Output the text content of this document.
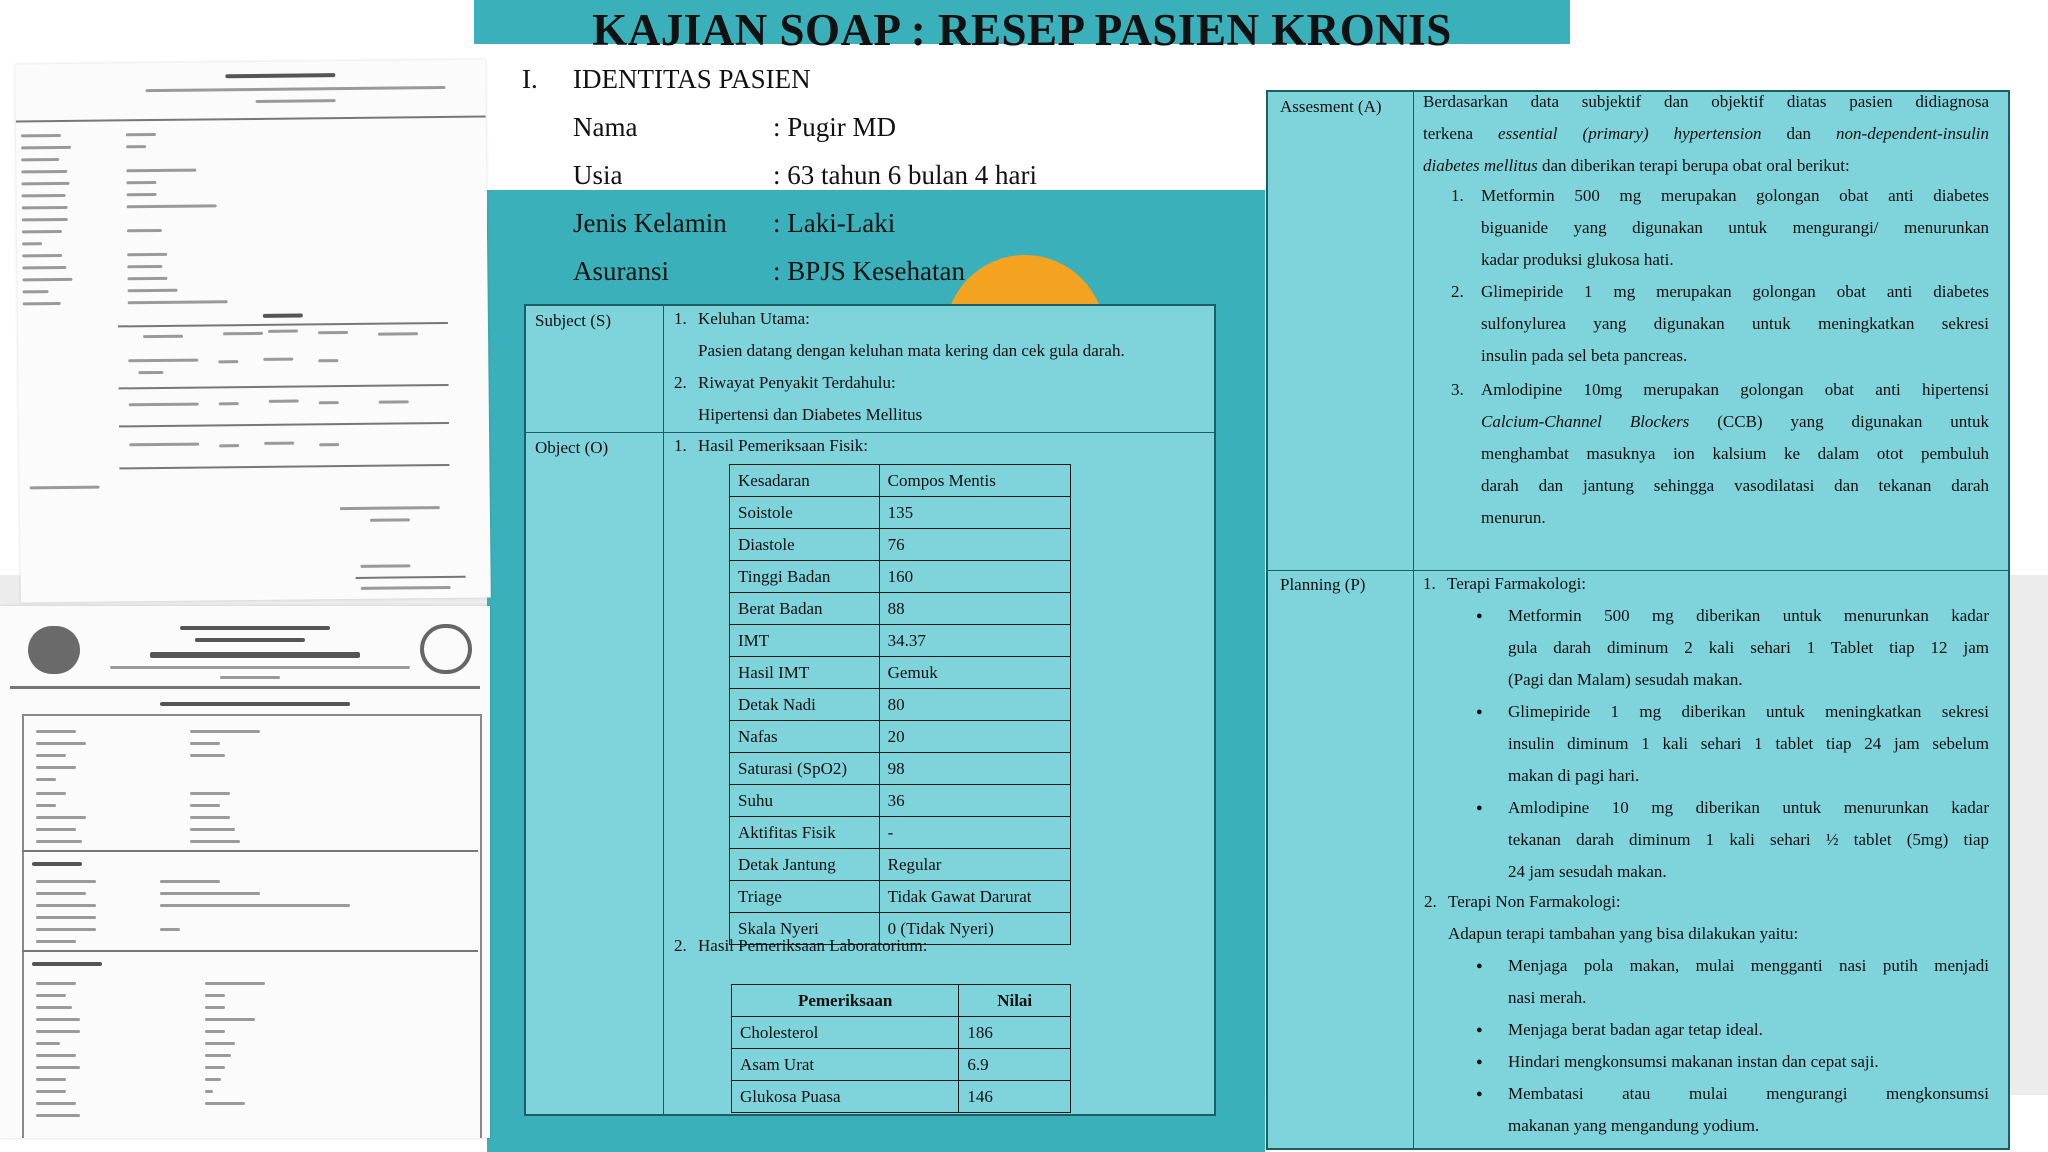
KAJIAN SOAP : RESEP PASIEN KRONIS
I. IDENTITAS PASIEN
Nama	: Pugir MD
Usia	: 63 tahun 6 bulan 4 hari
Jenis Kelamin : Laki-Laki
Asuransi	: BPJS Kesehatan
Subject (S)	1. Keluhan Utama:
Pasien datang dengan keluhan mata kering dan cek gula darah.
2. Riwayat Penyakit Terdahulu:
Hipertensi dan Diabetes Mellitus
Object (O)	1. Hasil Pemeriksaan Fisik:
Kesadaran	Compos Mentis
Soistole	135
Diastole	76
Tinggi Badan	160
Berat Badan	88
IMT	34.37
Hasil IMT	Gemuk
Detak Nadi	80
Nafas	20
Saturasi (SpO2)	98
Suhu	36
Aktifitas Fisik	-
Detak Jantung	Regular
Triage	Tidak Gawat Darurat
Skala Nyeri	0 (Tidak Nyeri)
2. Hasil Pemeriksaan Laboratorium:
Pemeriksaan	Nilai
Cholesterol	186
Asam Urat	6.9
Glukosa Puasa	146
Assesment (A) Berdasarkan data subjektif dan objektif diatas pasien didiagnosa
terkena essential (primary) hypertension dan non-dependent-insulin
diabetes mellitus dan diberikan terapi berupa obat oral berikut:
1. Metformin 500 mg merupakan golongan obat anti diabetes
biguanide yang digunakan untuk mengurangi/ menurunkan
kadar produksi glukosa hati.
2. Glimepiride 1 mg merupakan golongan obat anti diabetes
sulfonylurea yang digunakan untuk meningkatkan sekresi
insulin pada sel beta pancreas.
3. Amlodipine 10mg merupakan golongan obat anti hipertensi
Calcium-Channel Blockers (CCB) yang digunakan untuk
menghambat masuknya ion kalsium ke dalam otot pembuluh
darah dan jantung sehingga vasodilatasi dan tekanan darah
menurun.
Planning (P)	1. Terapi Farmakologi:
● Metformin 500 mg diberikan untuk menurunkan kadar
gula darah diminum 2 kali sehari 1 Tablet tiap 12 jam
(Pagi dan Malam) sesudah makan.
● Glimepiride 1 mg diberikan untuk meningkatkan sekresi
insulin diminum 1 kali sehari 1 tablet tiap 24 jam sebelum
makan di pagi hari.
● Amlodipine 10 mg diberikan untuk menurunkan kadar
tekanan darah diminum 1 kali sehari ½ tablet (5mg) tiap
24 jam sesudah makan.
2. Terapi Non Farmakologi:
Adapun terapi tambahan yang bisa dilakukan yaitu:
● Menjaga pola makan, mulai mengganti nasi putih menjadi
nasi merah.
● Menjaga berat badan agar tetap ideal.
● Hindari mengkonsumsi makanan instan dan cepat saji.
● Membatasi atau mulai mengurangi mengkonsumsi
makanan yang mengandung yodium.
